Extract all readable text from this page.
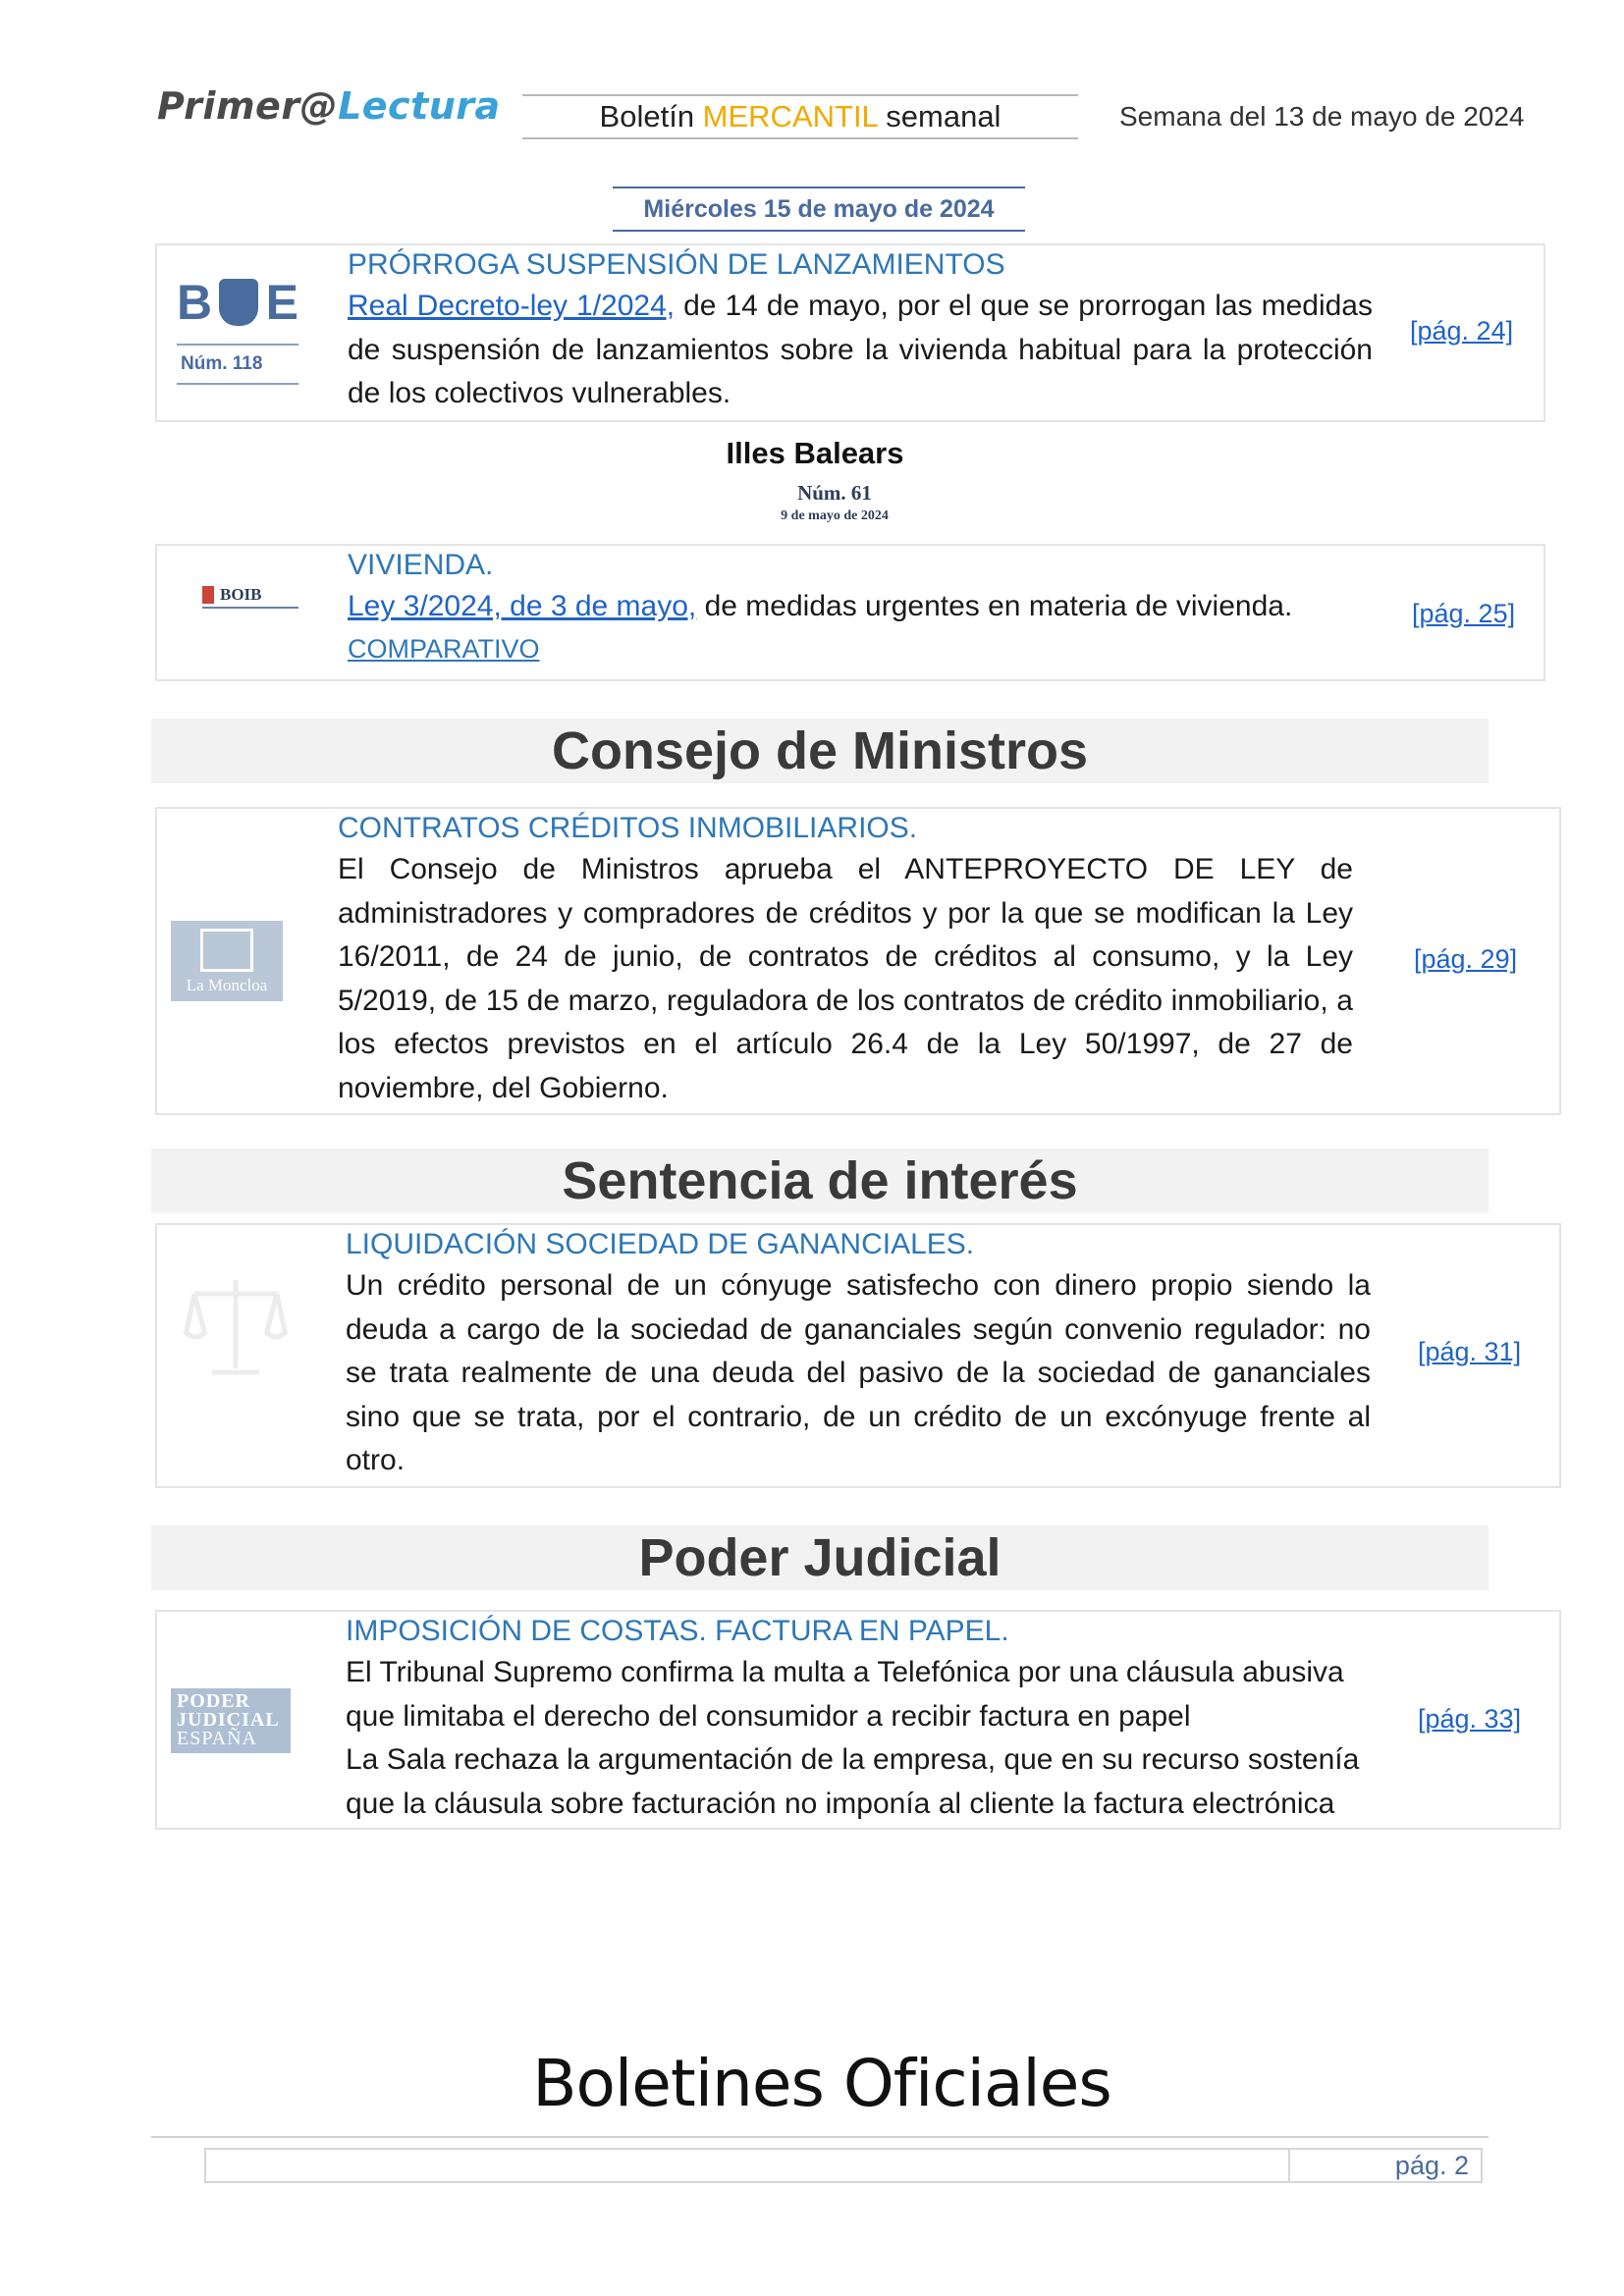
Primer@Lectura	Boletín MERCANTIL semanal	Semana del 13 de mayo de 2024
Miércoles 15 de mayo de 2024
B E
Núm. 118
PRÓRROGA SUSPENSIÓN DE LANZAMIENTOS
Real Decreto-ley 1/2024, de 14 de mayo, por el que se prorrogan las medidas de suspensión de lanzamientos sobre la vivienda habitual para la protección de los colectivos vulnerables.
[pág. 24]
Illes Balears
Núm. 61
9 de mayo de 2024
BOIB
VIVIENDA.
Ley 3/2024, de 3 de mayo, de medidas urgentes en materia de vivienda.
COMPARATIVO
[pág. 25]
Consejo de Ministros
La Moncloa
CONTRATOS CRÉDITOS INMOBILIARIOS.
El Consejo de Ministros aprueba el ANTEPROYECTO DE LEY de administradores y compradores de créditos y por la que se modifican la Ley 16/2011, de 24 de junio, de contratos de créditos al consumo, y la Ley 5/2019, de 15 de marzo, reguladora de los contratos de crédito inmobiliario, a los efectos previstos en el artículo 26.4 de la Ley 50/1997, de 27 de noviembre, del Gobierno.
[pág. 29]
Sentencia de interés
LIQUIDACIÓN SOCIEDAD DE GANANCIALES.
Un crédito personal de un cónyuge satisfecho con dinero propio siendo la deuda a cargo de la sociedad de gananciales según convenio regulador: no se trata realmente de una deuda del pasivo de la sociedad de gananciales sino que se trata, por el contrario, de un crédito de un excónyuge frente al otro.
[pág. 31]
Poder Judicial
PODER
JUDICIAL
ESPAÑA
IMPOSICIÓN DE COSTAS. FACTURA EN PAPEL.
El Tribunal Supremo confirma la multa a Telefónica por una cláusula abusiva que limitaba el derecho del consumidor a recibir factura en papel
La Sala rechaza la argumentación de la empresa, que en su recurso sostenía que la cláusula sobre facturación no imponía al cliente la factura electrónica
[pág. 33]
Boletines Oficiales
pág. 2
